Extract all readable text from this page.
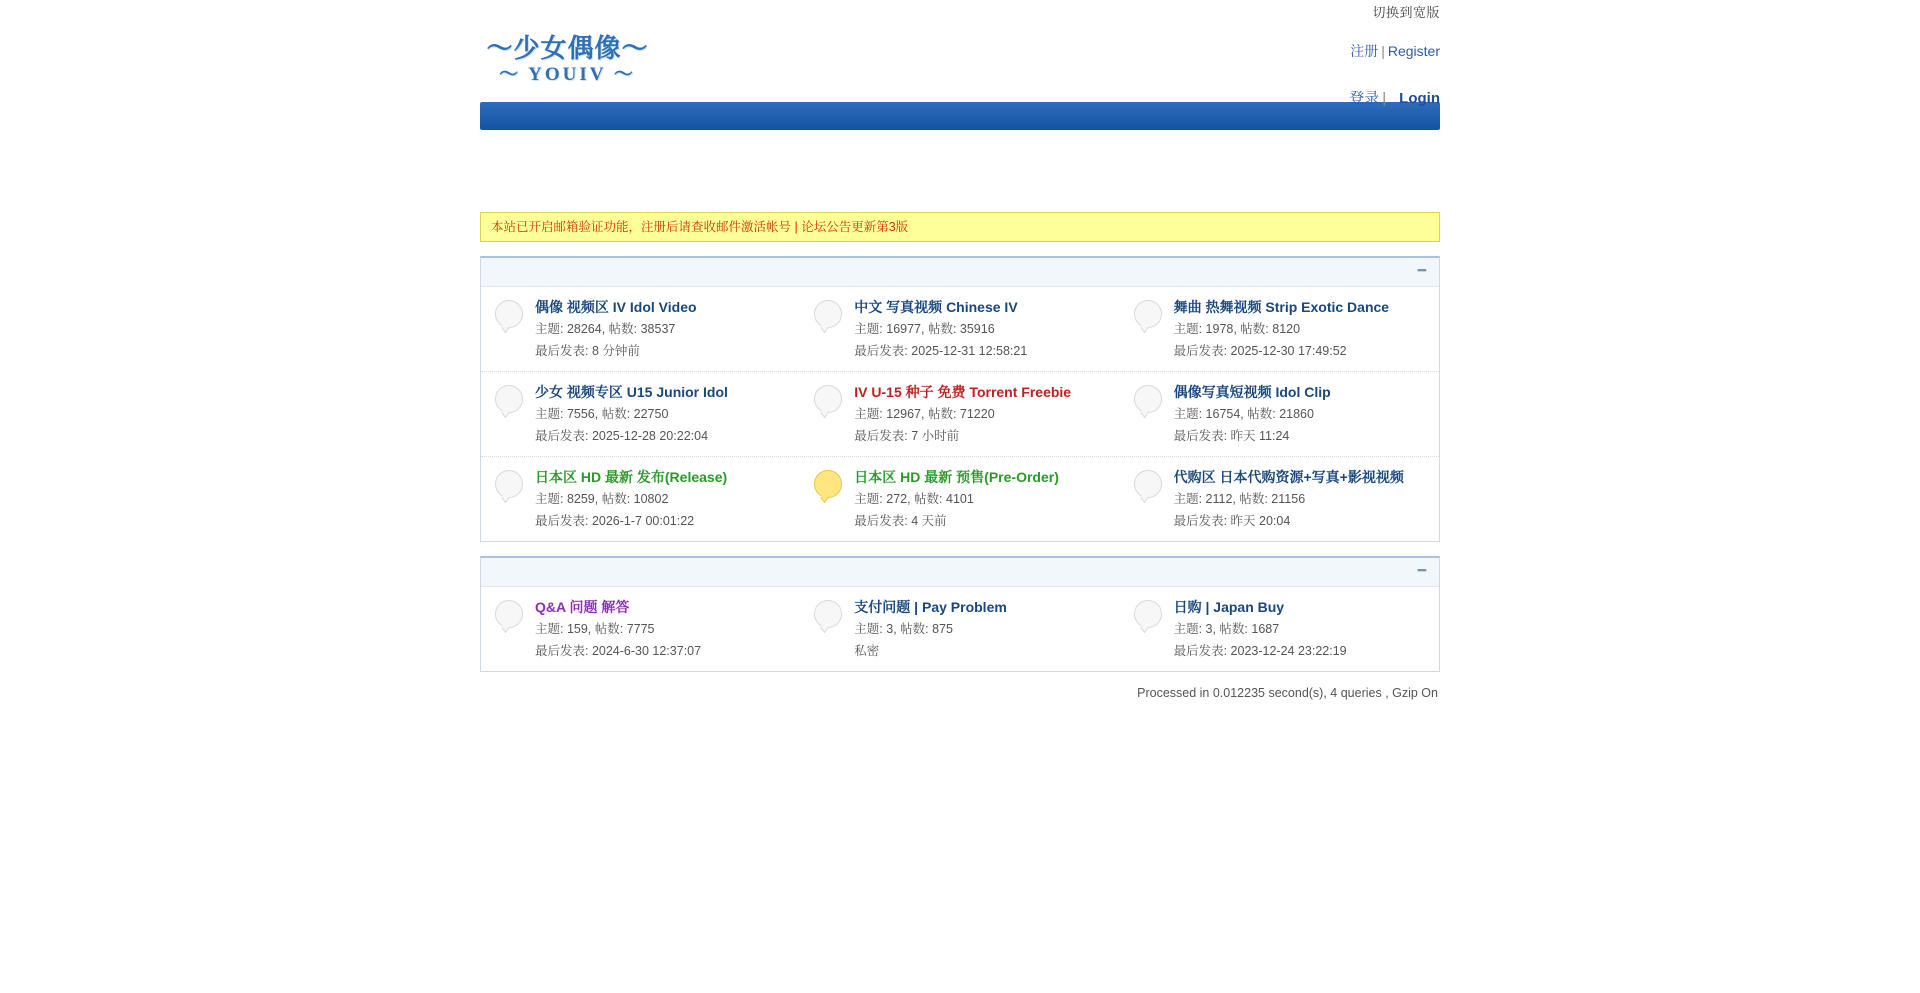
切换到宽版
～少女偶像～
～ YOUIV ～
注册 | Register
登录 | Login
本站已开启邮箱验证功能，注册后请查收邮件激活帐号 | 论坛公告更新第3版
━
偶像 视频区 IV Idol Video
主题: 28264, 帖数: 38537
最后发表: 8 分钟前
中文 写真视频 Chinese IV
主题: 16977, 帖数: 35916
最后发表: 2025-12-31 12:58:21
舞曲 热舞视频 Strip Exotic Dance
主题: 1978, 帖数: 8120
最后发表: 2025-12-30 17:49:52
少女 视频专区 U15 Junior Idol
主题: 7556, 帖数: 22750
最后发表: 2025-12-28 20:22:04
IV U-15 种子 免费 Torrent Freebie
主题: 12967, 帖数: 71220
最后发表: 7 小时前
偶像写真短视频 Idol Clip
主题: 16754, 帖数: 21860
最后发表: 昨天 11:24
日本区 HD 最新 发布(Release)
主题: 8259, 帖数: 10802
最后发表: 2026-1-7 00:01:22
日本区 HD 最新 预售(Pre-Order)
主题: 272, 帖数: 4101
最后发表: 4 天前
代购区 日本代购资源+写真+影视视频
主题: 2112, 帖数: 21156
最后发表: 昨天 20:04
━
Q&A 问题 解答
主题: 159, 帖数: 7775
最后发表: 2024-6-30 12:37:07
支付问题 | Pay Problem
主题: 3, 帖数: 875
私密
日购 | Japan Buy
主题: 3, 帖数: 1687
最后发表: 2023-12-24 23:22:19
Processed in 0.012235 second(s), 4 queries , Gzip On
